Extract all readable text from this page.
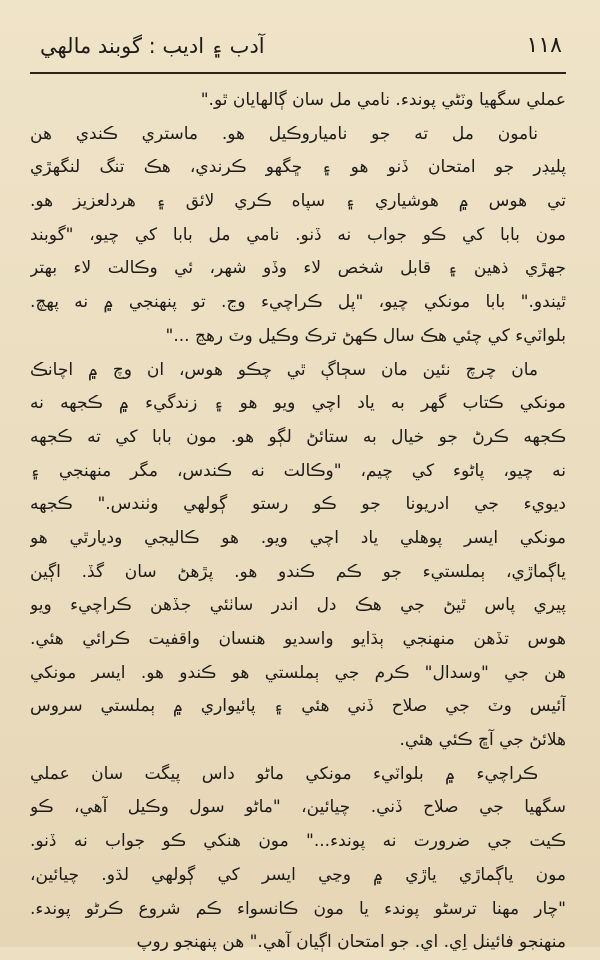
١١٨
آدب ۽ اديب : گوبند مالهي
عملي سگهيا وٽڻي پوندء. نامي مل سان ڳالهايان ٿو."
نامون مل ته جو نامياروڪيل هو. ماستري ڪندي هن
پليڊر جو امتحان ڏنو هو ۽ ڇگهو ڪرندي، هڪ تنگ لنگهڙي
تي هوس ۾ هوشياري ۽ سپاه ڪري لائق ۽ هردلعزيز هو.
مون بابا کي ڪو جواب نه ڏنو. نامي مل بابا کي چيو، "گوبند
جهڙي ذهين ۽ قابل شخص لاء وڏو شهر، ئي وڪالت لاء بهتر
ٿيندو." بابا مونکي چيو، "پل ڪراچيء وڃ. تو پنهنجي ۾ نه پهچ.
بلواٽيء کي چئي هڪ سال ڪهڻ ترڪ وڪيل وٽ رهڃ ..."
مان چرچ نئين مان سڄاڳ ٿي چڪو هوس، ان وچ ۾ اچانڪ
مونکي ڪتاب گهر به ياد اچي ويو هو ۽ زندگيء ۾ ڪجهه نه
ڪجهه ڪرڻ جو خيال به ستائڻ لڳو هو. مون بابا کي ته ڪجهه
نه چيو، پاڻوء کي چيم، "وڪالت نه ڪندس، مگر منهنجي ۽
ديويء جي ادريونا جو ڪو رستو ڳولهي وٺندس." ڪجهه
مونکي ايسر پوهلي ياد اچي ويو. هو ڪاليجي وديارٿي هو
ياڳماڙي، ٻملستيء جو ڪم ڪندو هو. پڙهڻ سان گڏ. اڳين
پيري پاس ٿيڻ جي هڪ دل اندر ساٺئي جڏهن ڪراچيء ويو
هوس تڏهن منهنجي ٻڌايو واسديو هنسان واقفيت ڪرائي هئي.
هن جي "وسدال" ڪرم جي ٻملستي هو ڪندو هو. ايسر مونکي
آئيس وٽ جي صلاح ڏني هئي ۽ پائيواري ۾ ٻملستي سروس
هلائڻ جي آڇ ڪئي هئي.
ڪراچيء ۾ بلواٽيء مونکي ماڻو داس پيگت سان عملي
سگهيا جي صلاح ڏني. چيائين، "ماڻو سول وڪيل آهي، ڪو
ڪيت جي ضرورت نه پوندء..." مون هنکي ڪو جواب نه ڏنو.
مون ياڳماڙي ياڙي ۾ وڃي ايسر کي ڳولهي لڌو. چيائين،
"چار مهنا ترسڻو پوندء يا مون ڪانسواء ڪم شروع ڪرڻو پوندء.
منهنجو فائينل اِي. اي. جو امتحان اڳيان آهي." هن پنهنجو روپ
